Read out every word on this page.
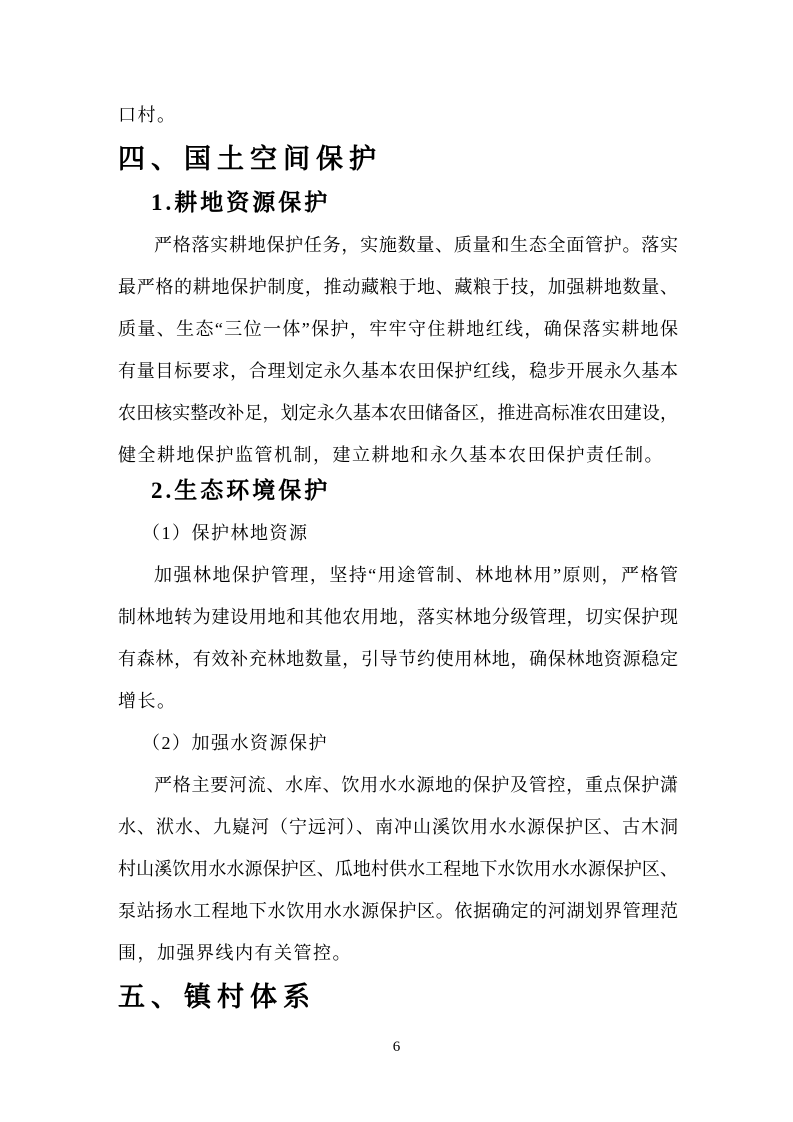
口村。
四、国土空间保护
1.耕地资源保护
严格落实耕地保护任务，实施数量、质量和生态全面管护。落实
最严格的耕地保护制度，推动藏粮于地、藏粮于技，加强耕地数量、
质量、生态“三位一体”保护，牢牢守住耕地红线，确保落实耕地保
有量目标要求，合理划定永久基本农田保护红线，稳步开展永久基本
农田核实整改补足，划定永久基本农田储备区，推进高标准农田建设，
健全耕地保护监管机制，建立耕地和永久基本农田保护责任制。
2.生态环境保护
（1）保护林地资源
加强林地保护管理，坚持“用途管制、林地林用”原则，严格管
制林地转为建设用地和其他农用地，落实林地分级管理，切实保护现
有森林，有效补充林地数量，引导节约使用林地，确保林地资源稳定
增长。
（2）加强水资源保护
严格主要河流、水库、饮用水水源地的保护及管控，重点保护潇
水、洑水、九嶷河（宁远河）、南冲山溪饮用水水源保护区、古木洞
村山溪饮用水水源保护区、瓜地村供水工程地下水饮用水水源保护区、
泵站扬水工程地下水饮用水水源保护区。依据确定的河湖划界管理范
围，加强界线内有关管控。
五、镇村体系
6
